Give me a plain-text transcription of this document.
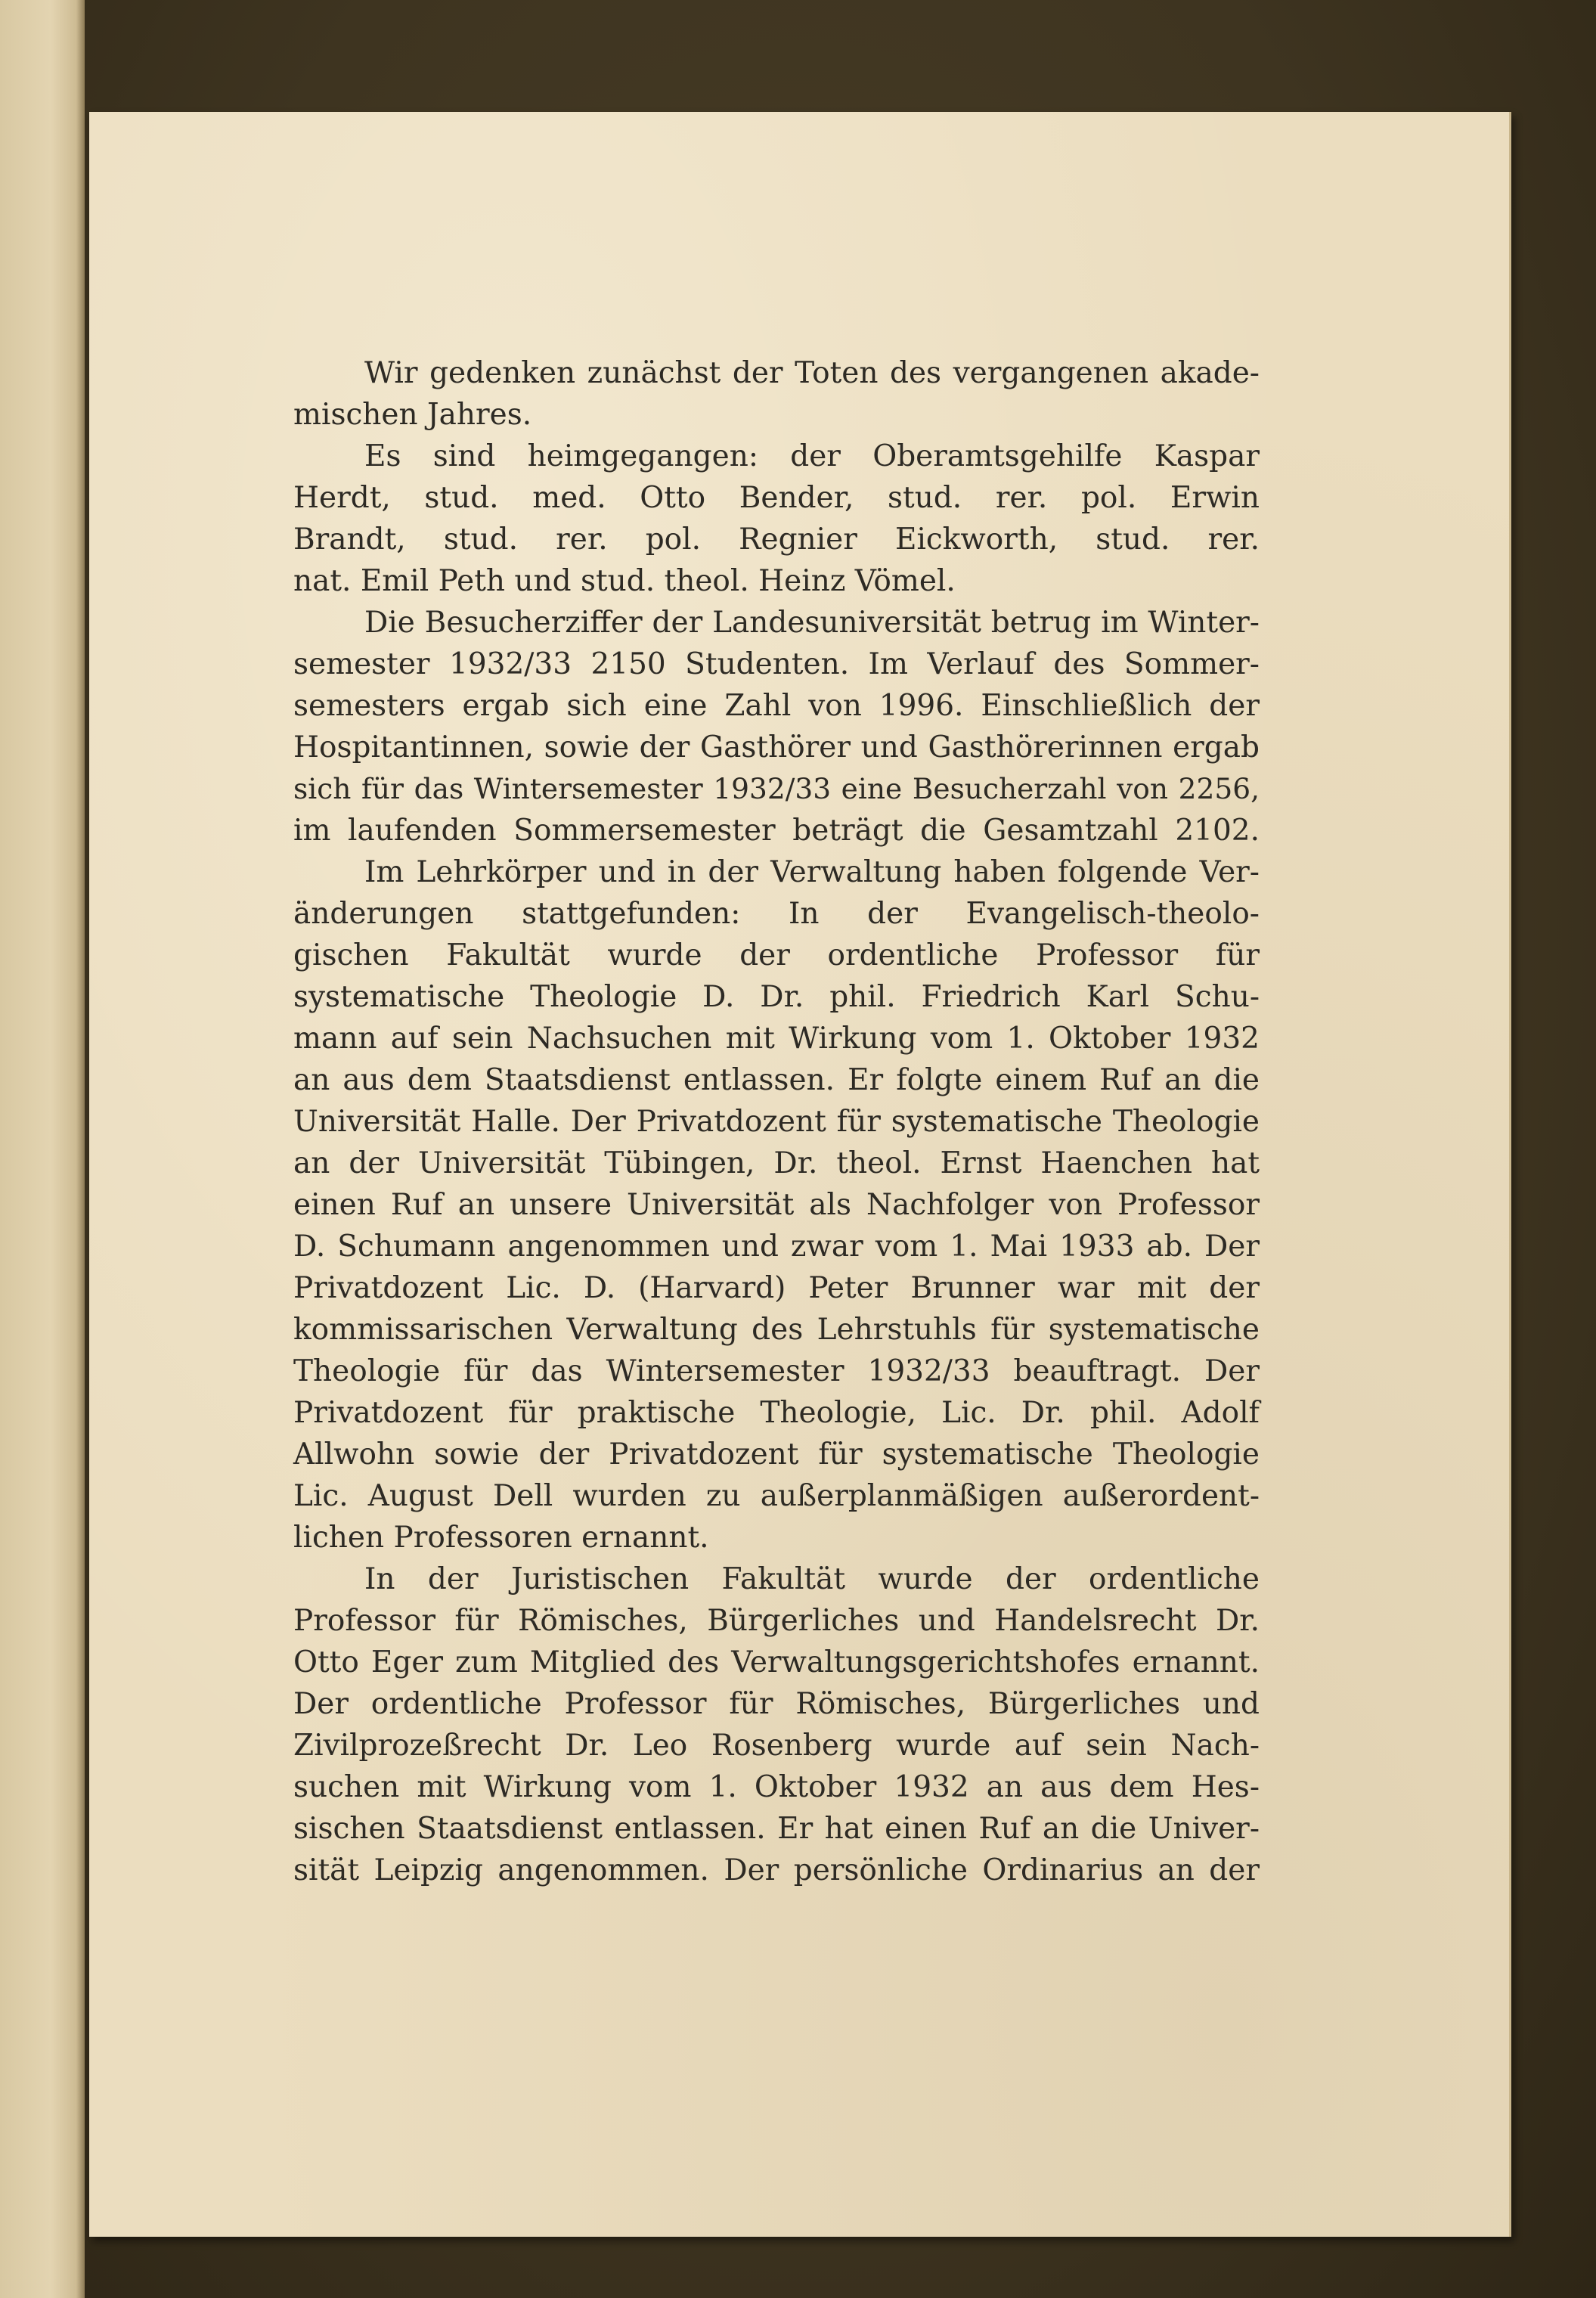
Wir gedenken zunächst der Toten des vergangenen akade-
mischen Jahres.

Es sind heimgegangen: der Oberamtsgehilfe Kaspar
Herdt, stud. med. Otto Bender, stud. rer. pol. Erwin
Brandt, stud. rer. pol. Regnier Eickworth, stud. rer.
nat. Emil Peth und stud. theol. Heinz Vömel.

Die Besucherziffer der Landesuniversität betrug im Winter-
semester 1932/33 2150 Studenten. Im Verlauf des Sommer-
semesters ergab sich eine Zahl von 1996. Einschließlich der
Hospitantinnen, sowie der Gasthörer und Gasthörerinnen ergab
sich für das Wintersemester 1932/33 eine Besucherzahl von 2256,
im laufenden Sommersemester beträgt die Gesamtzahl 2102.

Im Lehrkörper und in der Verwaltung haben folgende Ver-
änderungen stattgefunden: In der Evangelisch-theolo-
gischen Fakultät wurde der ordentliche Professor für
systematische Theologie D. Dr. phil. Friedrich Karl Schu-
mann auf sein Nachsuchen mit Wirkung vom 1. Oktober 1932
an aus dem Staatsdienst entlassen. Er folgte einem Ruf an die
Universität Halle. Der Privatdozent für systematische Theologie
an der Universität Tübingen, Dr. theol. Ernst Haenchen hat
einen Ruf an unsere Universität als Nachfolger von Professor
D. Schumann angenommen und zwar vom 1. Mai 1933 ab. Der
Privatdozent Lic. D. (Harvard) Peter Brunner war mit der
kommissarischen Verwaltung des Lehrstuhls für systematische
Theologie für das Wintersemester 1932/33 beauftragt. Der
Privatdozent für praktische Theologie, Lic. Dr. phil. Adolf
Allwohn sowie der Privatdozent für systematische Theologie
Lic. August Dell wurden zu außerplanmäßigen außerordent-
lichen Professoren ernannt.

In der Juristischen Fakultät wurde der ordentliche
Professor für Römisches, Bürgerliches und Handelsrecht Dr.
Otto Eger zum Mitglied des Verwaltungsgerichtshofes ernannt.
Der ordentliche Professor für Römisches, Bürgerliches und
Zivilprozeßrecht Dr. Leo Rosenberg wurde auf sein Nach-
suchen mit Wirkung vom 1. Oktober 1932 an aus dem Hes-
sischen Staatsdienst entlassen. Er hat einen Ruf an die Univer-
sität Leipzig angenommen. Der persönliche Ordinarius an der
